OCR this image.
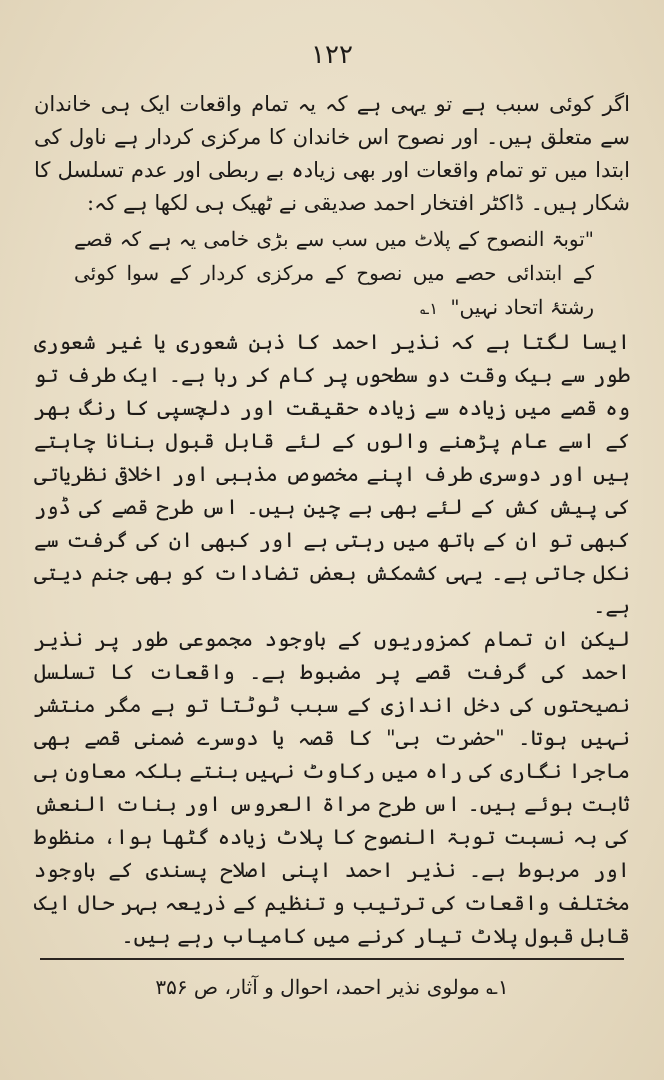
۱۲۲

اگر کوئی سبب ہے تو یہی ہے کہ یہ تمام واقعات ایک ہی خاندان سے متعلق ہیں۔ اور نصوح اس خاندان کا مرکزی کردار ہے ناول کی ابتدا میں تو تمام واقعات اور بھی زیادہ بے ربطی اور عدم تسلسل کا شکار ہیں۔ ڈاکٹر افتخار احمد صدیقی نے ٹھیک ہی لکھا ہے کہ:

"توبۃ النصوح کے پلاٹ میں سب سے بڑی خامی یہ ہے کہ قصے کے ابتدائی حصے میں نصوح کے مرکزی کردار کے سوا کوئی رشتۂ اتحاد نہیں" ۱؎

ایسا لگتا ہے کہ نذیر احمد کا ذہن شعوری یا غیر شعوری طور سے بیک وقت دو سطحوں پر کام کر رہا ہے۔ ایک طرف تو وہ قصے میں زیادہ سے زیادہ حقیقت اور دلچسپی کا رنگ بھر کے اسے عام پڑھنے والوں کے لئے قابل قبول بنانا چاہتے ہیں اور دوسری طرف اپنے مخصوص مذہبی اور اخلاقی نظریاتی کی پیش کش کے لئے بھی بے چین ہیں۔ اس طرح قصے کی ڈور کبھی تو ان کے ہاتھ میں رہتی ہے اور کبھی ان کی گرفت سے نکل جاتی ہے۔ یہی کشمکش بعض تضادات کو بھی جنم دیتی ہے۔

لیکن ان تمام کمزوریوں کے باوجود مجموعی طور پر نذیر احمد کی گرفت قصے پر مضبوط ہے۔ واقعات کا تسلسل نصیحتوں کی دخل اندازی کے سبب ٹوٹتا تو ہے مگر منتشر نہیں ہوتا۔ "حضرت بی" کا قصہ یا دوسرے ضمنی قصے بھی ماجرا نگاری کی راہ میں رکاوٹ نہیں بنتے بلکہ معاون ہی ثابت ہوئے ہیں۔ اس طرح مراۃ العروس اور بنات النعش کی بہ نسبت توبۃ النصوح کا پلاٹ زیادہ گٹھا ہوا، منظوط اور مربوط ہے۔ نذیر احمد اپنی اصلاح پسندی کے باوجود مختلف واقعات کی ترتیب و تنظیم کے ذریعہ بہر حال ایک قابل قبول پلاٹ تیار کرنے میں کامیاب رہے ہیں۔

۱؎ مولوی نذیر احمد، احوال و آثار، ص ۳۵۶
